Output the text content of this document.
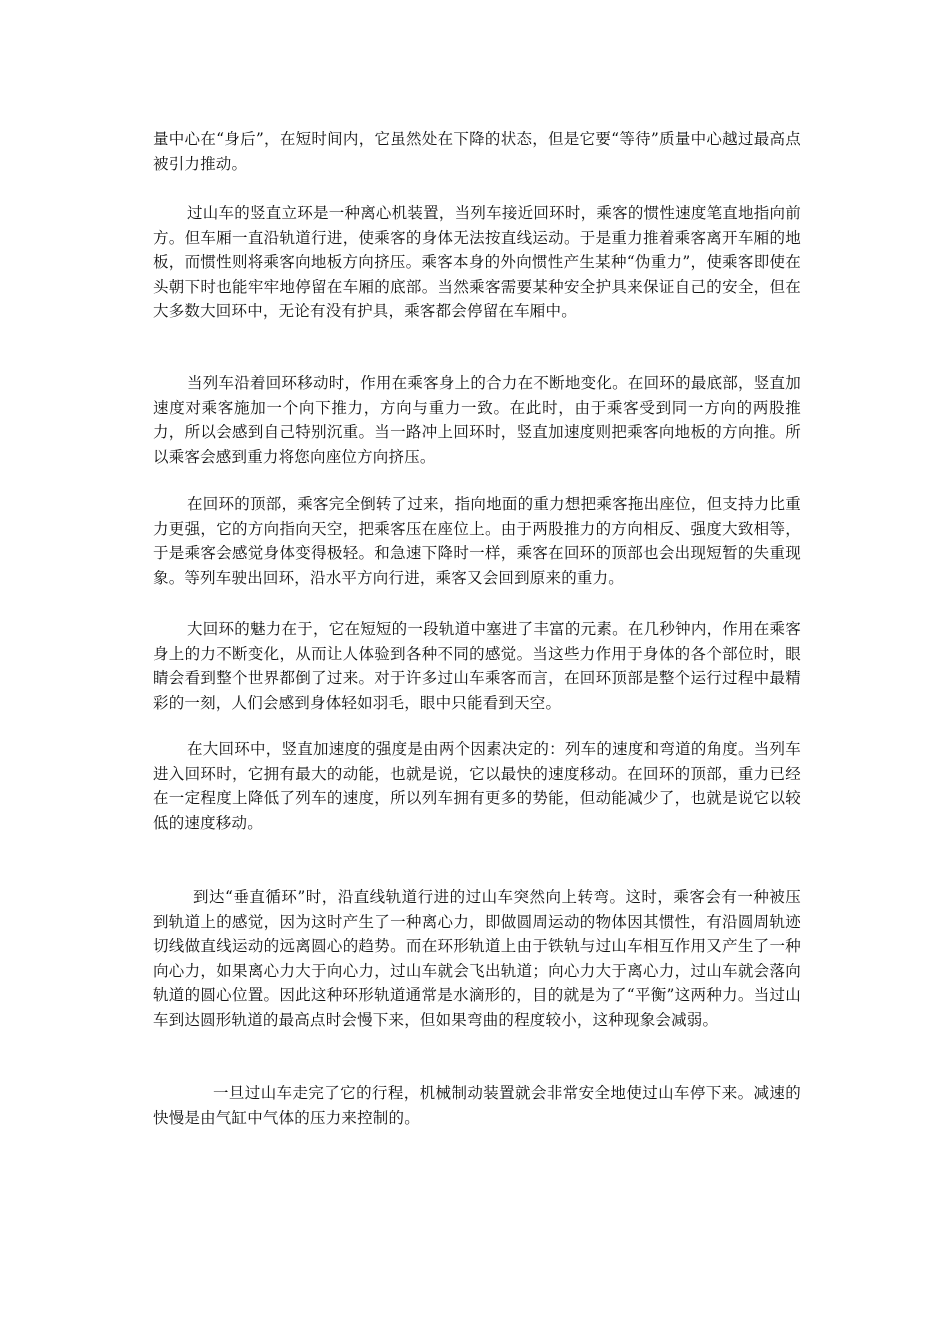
量中心在“身后”，在短时间内，它虽然处在下降的状态，但是它要“等待”质量中心越过最高点被引力推动。

过山车的竖直立环是一种离心机装置，当列车接近回环时，乘客的惯性速度笔直地指向前方。但车厢一直沿轨道行进，使乘客的身体无法按直线运动。于是重力推着乘客离开车厢的地板，而惯性则将乘客向地板方向挤压。乘客本身的外向惯性产生某种“伪重力”，使乘客即使在头朝下时也能牢牢地停留在车厢的底部。当然乘客需要某种安全护具来保证自己的安全，但在大多数大回环中，无论有没有护具，乘客都会停留在车厢中。

当列车沿着回环移动时，作用在乘客身上的合力在不断地变化。在回环的最底部，竖直加速度对乘客施加一个向下推力，方向与重力一致。在此时，由于乘客受到同一方向的两股推力，所以会感到自己特别沉重。当一路冲上回环时，竖直加速度则把乘客向地板的方向推。所以乘客会感到重力将您向座位方向挤压。

在回环的顶部，乘客完全倒转了过来，指向地面的重力想把乘客拖出座位，但支持力比重力更强，它的方向指向天空，把乘客压在座位上。由于两股推力的方向相反、强度大致相等，于是乘客会感觉身体变得极轻。和急速下降时一样，乘客在回环的顶部也会出现短暂的失重现象。等列车驶出回环，沿水平方向行进，乘客又会回到原来的重力。

大回环的魅力在于，它在短短的一段轨道中塞进了丰富的元素。在几秒钟内，作用在乘客身上的力不断变化，从而让人体验到各种不同的感觉。当这些力作用于身体的各个部位时，眼睛会看到整个世界都倒了过来。对于许多过山车乘客而言，在回环顶部是整个运行过程中最精彩的一刻，人们会感到身体轻如羽毛，眼中只能看到天空。

在大回环中，竖直加速度的强度是由两个因素决定的：列车的速度和弯道的角度。当列车进入回环时，它拥有最大的动能，也就是说，它以最快的速度移动。在回环的顶部，重力已经在一定程度上降低了列车的速度，所以列车拥有更多的势能，但动能减少了，也就是说它以较低的速度移动。

到达“垂直循环”时，沿直线轨道行进的过山车突然向上转弯。这时，乘客会有一种被压到轨道上的感觉，因为这时产生了一种离心力，即做圆周运动的物体因其惯性，有沿圆周轨迹切线做直线运动的远离圆心的趋势。而在环形轨道上由于铁轨与过山车相互作用又产生了一种向心力，如果离心力大于向心力，过山车就会飞出轨道；向心力大于离心力，过山车就会落向轨道的圆心位置。因此这种环形轨道通常是水滴形的，目的就是为了“平衡”这两种力。当过山车到达圆形轨道的最高点时会慢下来，但如果弯曲的程度较小，这种现象会减弱。

一旦过山车走完了它的行程，机械制动装置就会非常安全地使过山车停下来。减速的快慢是由气缸中气体的压力来控制的。
